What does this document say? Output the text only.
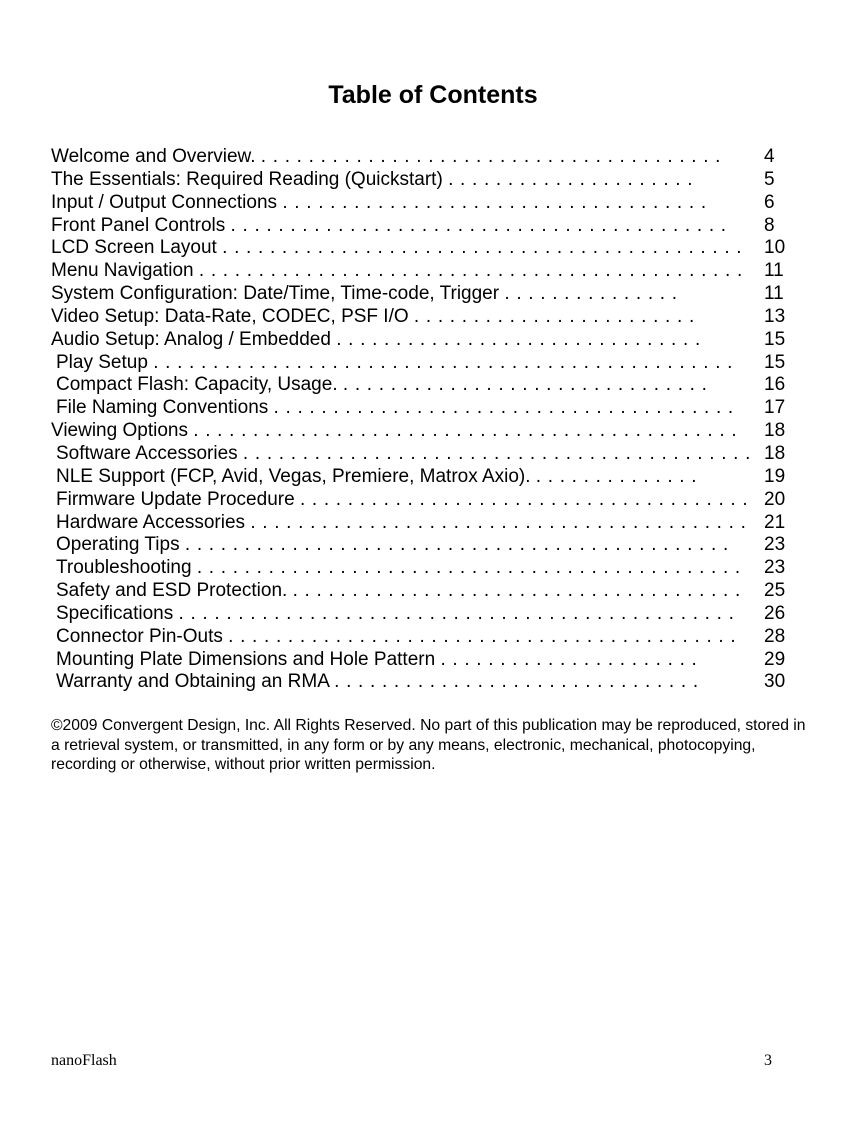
Table of Contents
Welcome and Overview. . . . . . . . . . . . . . . . . . . . . . . . . . . . . . . . . . . . . . . .	4
The Essentials: Required Reading (Quickstart) . . . . . . . . . . . . . . . . . . . . .	5
Input / Output Connections . . . . . . . . . . . . . . . . . . . . . . . . . . . . . . . . . . . .	6
Front Panel Controls . . . . . . . . . . . . . . . . . . . . . . . . . . . . . . . . . . . . . . . . . .	8
LCD Screen Layout . . . . . . . . . . . . . . . . . . . . . . . . . . . . . . . . . . . . . . . . . . . .	10
Menu Navigation . . . . . . . . . . . . . . . . . . . . . . . . . . . . . . . . . . . . . . . . . . . . . .	11
System Configuration: Date/Time, Time-code, Trigger . . . . . . . . . . . . . . .	11
Video Setup: Data-Rate, CODEC, PSF I/O . . . . . . . . . . . . . . . . . . . . . . . .	13
Audio Setup: Analog / Embedded . . . . . . . . . . . . . . . . . . . . . . . . . . . . . . .	15
Play Setup . . . . . . . . . . . . . . . . . . . . . . . . . . . . . . . . . . . . . . . . . . . . . . . . .	15
Compact Flash: Capacity, Usage. . . . . . . . . . . . . . . . . . . . . . . . . . . . . . . .	16
File Naming Conventions . . . . . . . . . . . . . . . . . . . . . . . . . . . . . . . . . . . . . . .	17
Viewing Options . . . . . . . . . . . . . . . . . . . . . . . . . . . . . . . . . . . . . . . . . . . . . .	18
Software Accessories . . . . . . . . . . . . . . . . . . . . . . . . . . . . . . . . . . . . . . . . . . . 18
NLE Support (FCP, Avid, Vegas, Premiere, Matrox Axio). . . . . . . . . . . . . . .	19
Firmware Update Procedure . . . . . . . . . . . . . . . . . . . . . . . . . . . . . . . . . . . . . . 20
Hardware Accessories . . . . . . . . . . . . . . . . . . . . . . . . . . . . . . . . . . . . . . . . . . 21
Operating Tips . . . . . . . . . . . . . . . . . . . . . . . . . . . . . . . . . . . . . . . . . . . . . .	23
Troubleshooting . . . . . . . . . . . . . . . . . . . . . . . . . . . . . . . . . . . . . . . . . . . . . .	23
Safety and ESD Protection. . . . . . . . . . . . . . . . . . . . . . . . . . . . . . . . . . . . . . .	25
Specifications . . . . . . . . . . . . . . . . . . . . . . . . . . . . . . . . . . . . . . . . . . . . . . .	26
Connector Pin-Outs . . . . . . . . . . . . . . . . . . . . . . . . . . . . . . . . . . . . . . . . . . .	28
Mounting Plate Dimensions and Hole Pattern . . . . . . . . . . . . . . . . . . . . . .	29
Warranty and Obtaining an RMA . . . . . . . . . . . . . . . . . . . . . . . . . . . . . . .	30
©2009 Convergent Design, Inc. All Rights Reserved. No part of this publication may be reproduced, stored in a retrieval system, or transmitted, in any form or by any means, electronic, mechanical, photocopying, recording or otherwise, without prior written permission.
nanoFlash	3
